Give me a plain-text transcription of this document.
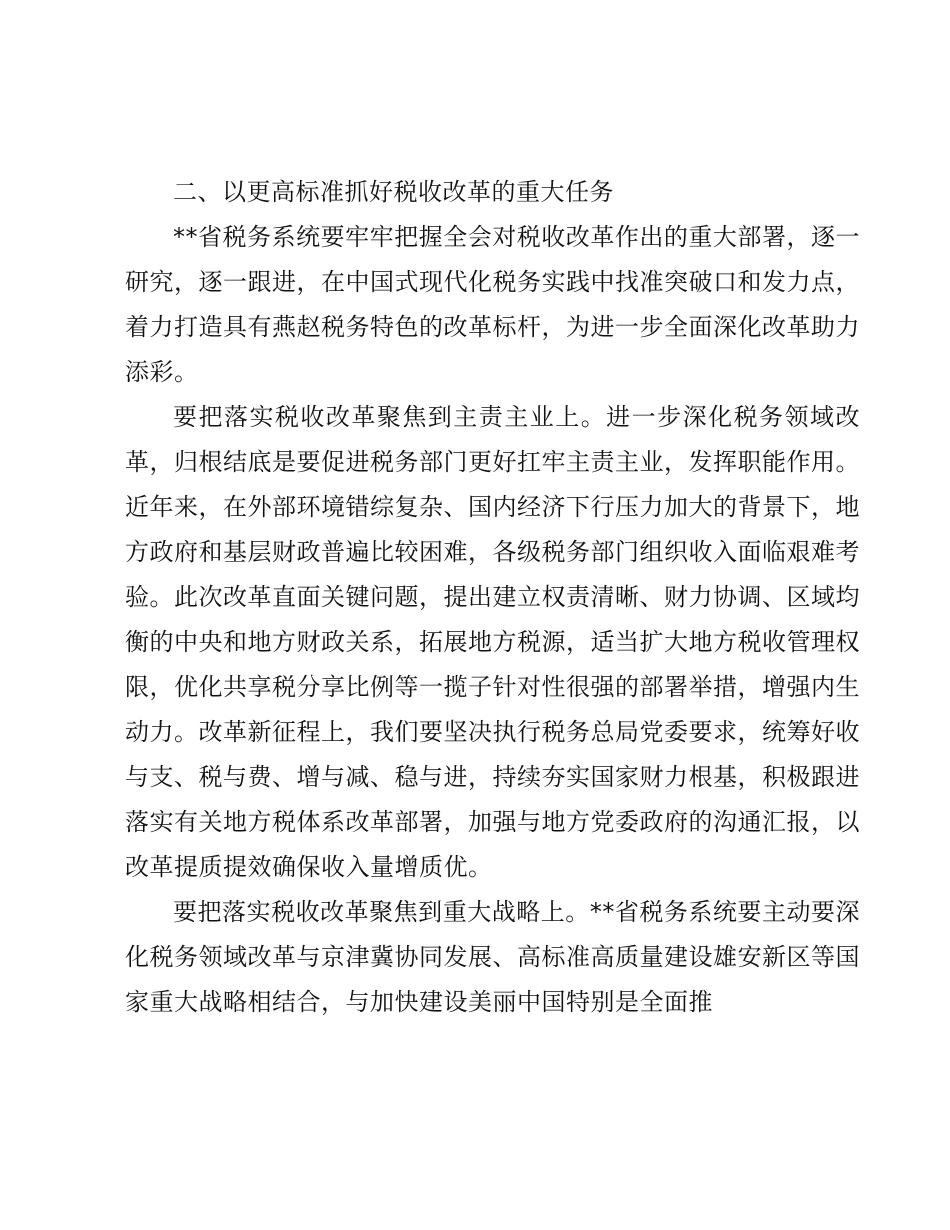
二、以更高标准抓好税收改革的重大任务

**省税务系统要牢牢把握全会对税收改革作出的重大部署，逐一研究，逐一跟进，在中国式现代化税务实践中找准突破口和发力点，着力打造具有燕赵税务特色的改革标杆，为进一步全面深化改革助力添彩。

要把落实税收改革聚焦到主责主业上。进一步深化税务领域改革，归根结底是要促进税务部门更好扛牢主责主业，发挥职能作用。近年来，在外部环境错综复杂、国内经济下行压力加大的背景下，地方政府和基层财政普遍比较困难，各级税务部门组织收入面临艰难考验。此次改革直面关键问题，提出建立权责清晰、财力协调、区域均衡的中央和地方财政关系，拓展地方税源，适当扩大地方税收管理权限，优化共享税分享比例等一揽子针对性很强的部署举措，增强内生动力。改革新征程上，我们要坚决执行税务总局党委要求，统筹好收与支、税与费、增与减、稳与进，持续夯实国家财力根基，积极跟进落实有关地方税体系改革部署，加强与地方党委政府的沟通汇报，以改革提质提效确保收入量增质优。

要把落实税收改革聚焦到重大战略上。**省税务系统要主动要深化税务领域改革与京津冀协同发展、高标准高质量建设雄安新区等国家重大战略相结合，与加快建设美丽中国特别是全面推
